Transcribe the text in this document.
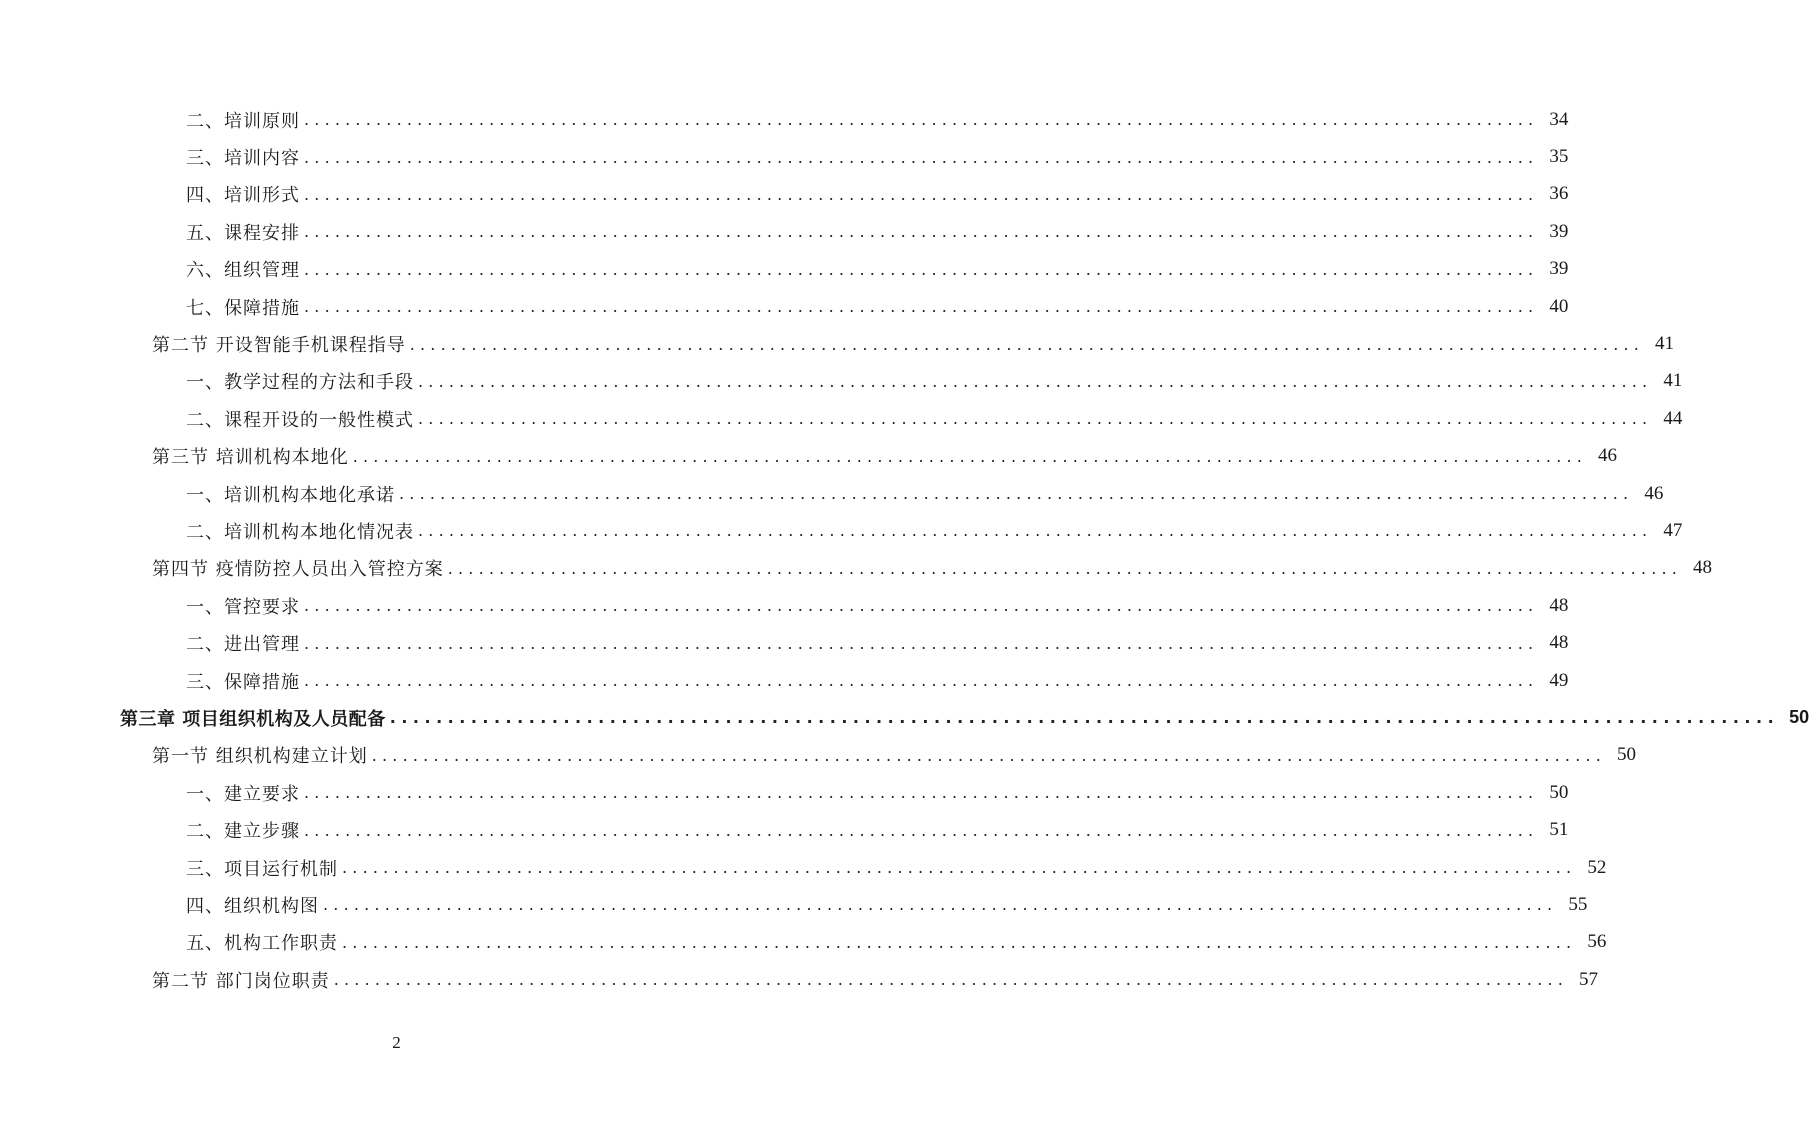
二、培训原则 ........................................................................................................................ 34
三、培训内容 ........................................................................................................................ 35
四、培训形式 ........................................................................................................................ 36
五、课程安排 ........................................................................................................................ 39
六、组织管理 ........................................................................................................................ 39
七、保障措施 ........................................................................................................................ 40
第二节 开设智能手机课程指导 ........................................................................................................................ 41
一、教学过程的方法和手段 ........................................................................................................................ 41
二、课程开设的一般性模式 ........................................................................................................................ 44
第三节 培训机构本地化 ........................................................................................................................ 46
一、培训机构本地化承诺 ........................................................................................................................ 46
二、培训机构本地化情况表 ........................................................................................................................ 47
第四节 疫情防控人员出入管控方案 ........................................................................................................................ 48
一、管控要求 ........................................................................................................................ 48
二、进出管理 ........................................................................................................................ 48
三、保障措施 ........................................................................................................................ 49
第三章 项目组织机构及人员配备 ........................................................................................................................ 50
第一节 组织机构建立计划 ........................................................................................................................ 50
一、建立要求 ........................................................................................................................ 50
二、建立步骤 ........................................................................................................................ 51
三、项目运行机制 ........................................................................................................................ 52
四、组织机构图 ........................................................................................................................ 55
五、机构工作职责 ........................................................................................................................ 56
第二节 部门岗位职责 ........................................................................................................................ 57
2
